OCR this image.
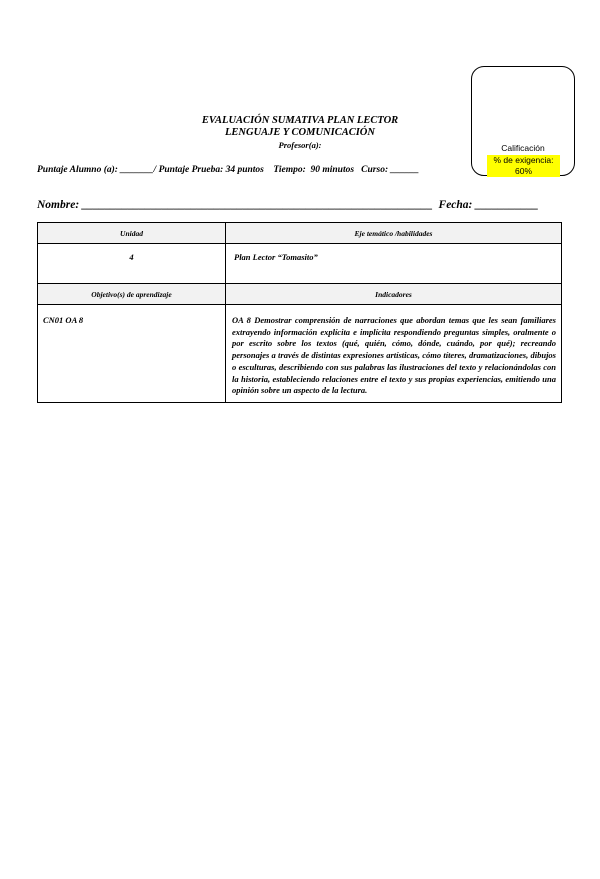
Calificación
% de exigencia: 60%
EVALUACIÓN SUMATIVA PLAN LECTOR
LENGUAJE Y COMUNICACIÓN
Profesor(a):
Puntaje Alumno (a): _______/ Puntaje Prueba: 34 puntos    Tiempo:  90 minutos   Curso: ______
Nombre: _____________________________________________________________  Fecha: ___________
Unidad	Eje temático /habilidades
4	Plan Lector “Tomasito”
Objetivo(s) de aprendizaje	Indicadores
CN01 OA 8	OA 8 Demostrar comprensión de narraciones que abordan temas que les sean familiares extrayendo información explícita e implícita respondiendo preguntas simples, oralmente o por escrito sobre los textos (qué, quién, cómo, dónde, cuándo, por qué); recreando personajes a través de distintas expresiones artísticas, cómo títeres, dramatizaciones, dibujos o esculturas, describiendo con sus palabras las ilustraciones del texto y relacionándolas con la historia, estableciendo relaciones entre el texto y sus propias experiencias, emitiendo una opinión sobre un aspecto de la lectura.
